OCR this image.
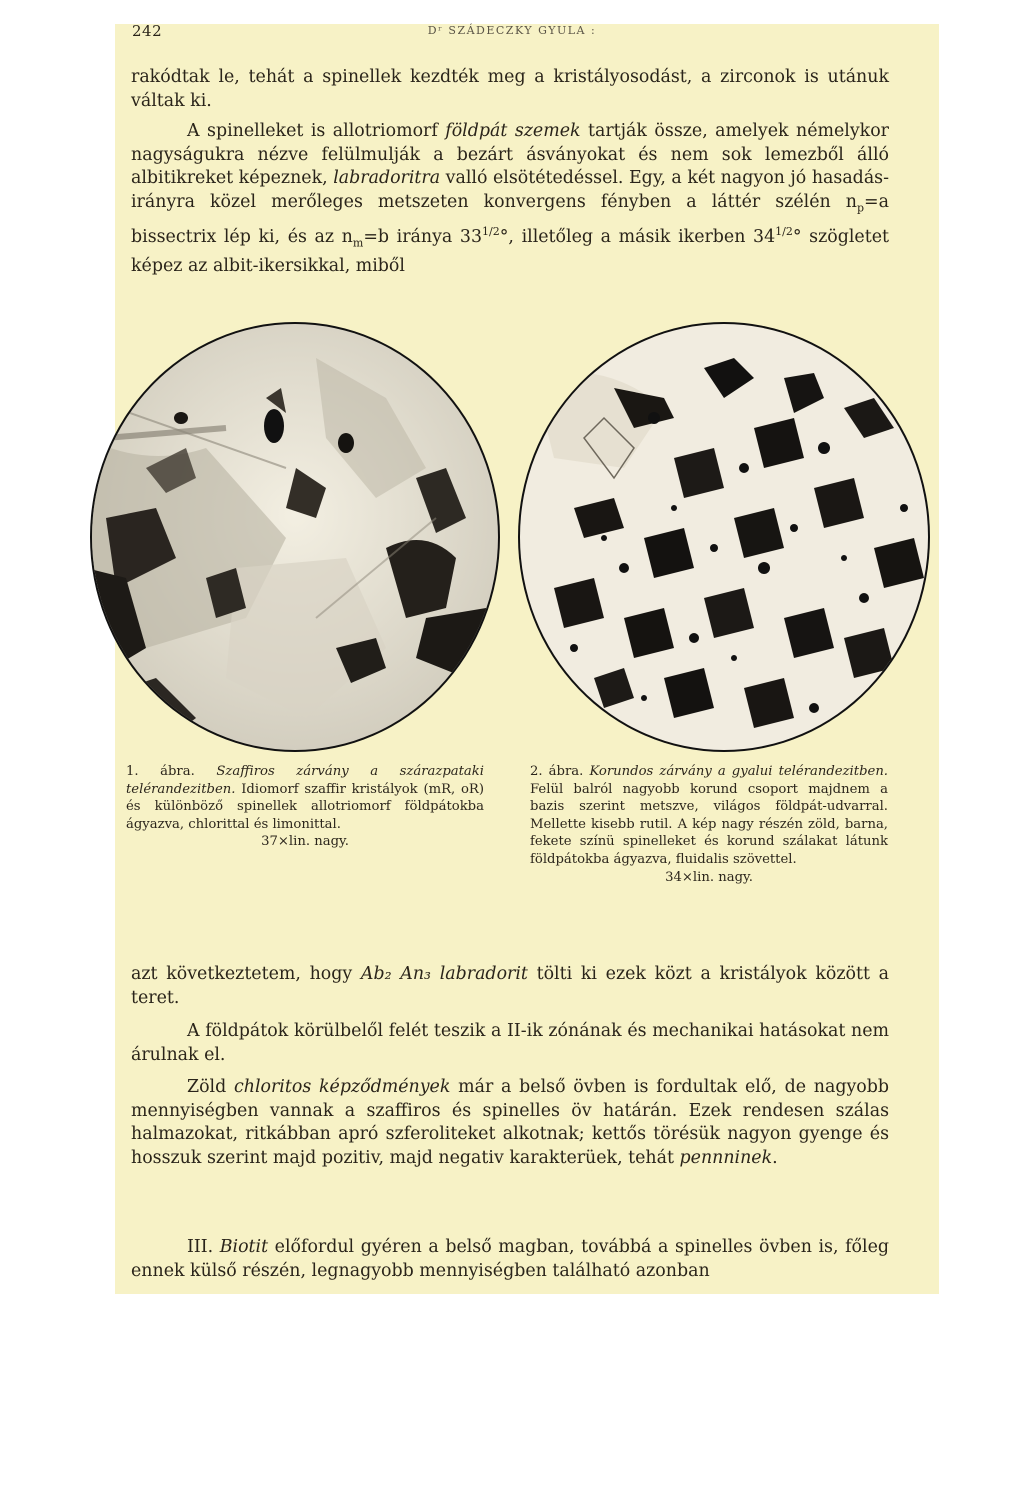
242	Dʳ SZÁDECZKY GYULA :

rakódtak le, tehát a spinellek kezdték meg a kristályosodást, a zirconok is utánuk váltak ki.

A spinelleket is allotriomorf földpát szemek tartják össze, amelyek némelykor nagyságukra nézve felülmulják a bezárt ásványokat és nem sok lemezből álló albitikreket képeznek, labradoritra valló elsötétedéssel. Egy, a két nagyon jó hasadás-irányra közel merőleges metszeten konvergens fényben a láttér szélén $n_p=a$ bissectrix lép ki, és az $n_m=b$ iránya $33^{1/2}^\circ$, illetőleg a másik ikerben $34^{1/2}^\circ$ szögletet képez az albit-ikersikkal, miből

1. ábra. Szaffiros zárvány a szárazpataki telérandezitben. Idiomorf szaffir kristályok (mR, oR) és különböző spinellek allotriomorf földpátokba ágyazva, chlorittal és limonittal.
37×lin. nagy.

2. ábra. Korundos zárvány a gyalui telérandezitben. Felül balról nagyobb korund csoport majdnem a bazis szerint metszve, világos földpát-udvarral. Mellette kisebb rutil. A kép nagy részén zöld, barna, fekete színü spinelleket és korund szálakat látunk földpátokba ágyazva, fluidalis szövettel.
34×lin. nagy.

azt következtetem, hogy Ab₂ An₃ labradorit tölti ki ezek közt a kristályok között a teret.

A földpátok körülbelől felét teszik a II-ik zónának és mechanikai hatásokat nem árulnak el.

Zöld chloritos képződmények már a belső övben is fordultak elő, de nagyobb mennyiségben vannak a szaffiros és spinelles öv határán. Ezek rendesen szálas halmazokat, ritkábban apró szferoliteket alkotnak; kettős törésük nagyon gyenge és hosszuk szerint majd pozitiv, majd negativ karakterüek, tehát pennninek.

III. Biotit előfordul gyéren a belső magban, továbbá a spinelles övben is, főleg ennek külső részén, legnagyobb mennyiségben található azonban
